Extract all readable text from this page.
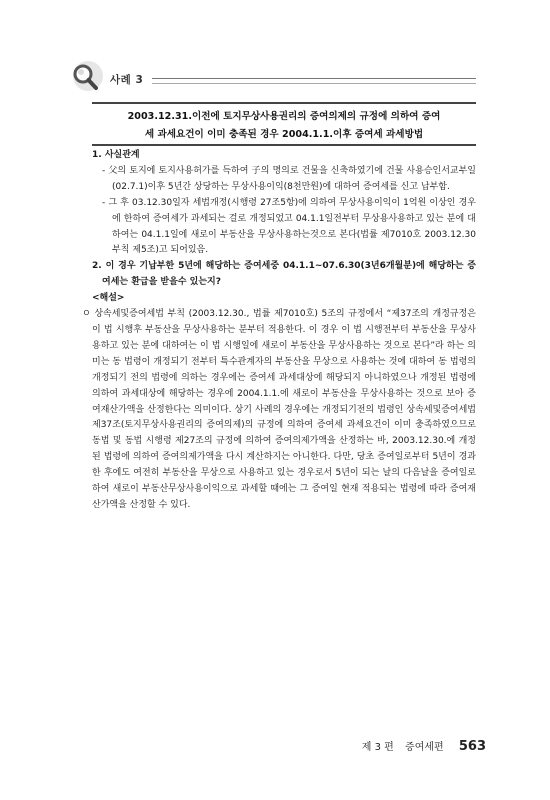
사례 3
2003.12.31.이전에 토지무상사용권리의 증여의제의 규정에 의하여 증여
세 과세요건이 이미 충족된 경우 2004.1.1.이후 증여세 과세방법

1. 사실관계

- 父의 토지에 토지사용허가를 득하여 子의 명의로 건물을 신축하였기에 건물 사용승인서교부일(02.7.1)이후 5년간 상당하는 무상사용이익(8천만원)에 대하여 증여세를 신고 납부함.

- 그 후 03.12.30일자 세법개정(시행령 27조5항)에 의하여 무상사용이익이 1억원 이상인 경우에 한하여 증여세가 과세되는 걸로 개정되었고 04.1.1일전부터 무상용사용하고 있는 분에 대하여는 04.1.1일에 새로이 부동산을 무상사용하는것으로 본다(법률 제7010호 2003.12.30 부칙 제5조)고 되어있음.

2. 이 경우 기납부한 5년에 해당하는 증여세중 04.1.1~07.6.30(3년6개월분)에 해당하는 증여세는 환급을 받을수 있는지?

<해설>

ㅇ 상속세및증여세법 부칙 (2003.12.30., 법률 제7010호) 5조의 규정에서 “제37조의 개정규정은 이 법 시행후 부동산을 무상사용하는 분부터 적용한다. 이 경우 이 법 시행전부터 부동산을 무상사용하고 있는 분에 대하여는 이 법 시행일에 새로이 부동산을 무상사용하는 것으로 본다”라 하는 의미는 동 법령이 개정되기 전부터 특수관계자의 부동산을 무상으로 사용하는 것에 대하여 동 법령의 개정되기 전의 법령에 의하는 경우에는 증여세 과세대상에 해당되지 아니하였으나 개정된 법령에 의하여 과세대상에 해당하는 경우에 2004.1.1.에 새로이 부동산을 무상사용하는 것으로 보아 증여재산가액을 산정한다는 의미이다. 상기 사례의 경우에는 개정되기전의 법령인 상속세및증여세법 제37조(토지무상사용권리의 증여의제)의 규정에 의하여 증여세 과세요건이 이미 충족하였으므로 동법 및 동법 시행령 제27조의 규정에 의하여 증여의제가액을 산정하는 바, 2003.12.30.에 개정된 법령에 의하여 증여의제가액을 다시 계산하지는 아니한다. 다만, 당초 증여일로부터 5년이 경과한 후에도 여전히 부동산을 무상으로 사용하고 있는 경우로서 5년이 되는 날의 다음날을 증여일로 하여 새로이 부동산무상사용이익으로 과세할 때에는 그 증여일 현재 적용되는 법령에 따라 증여재산가액을 산정할 수 있다.

제 3 편 증여세편 563
